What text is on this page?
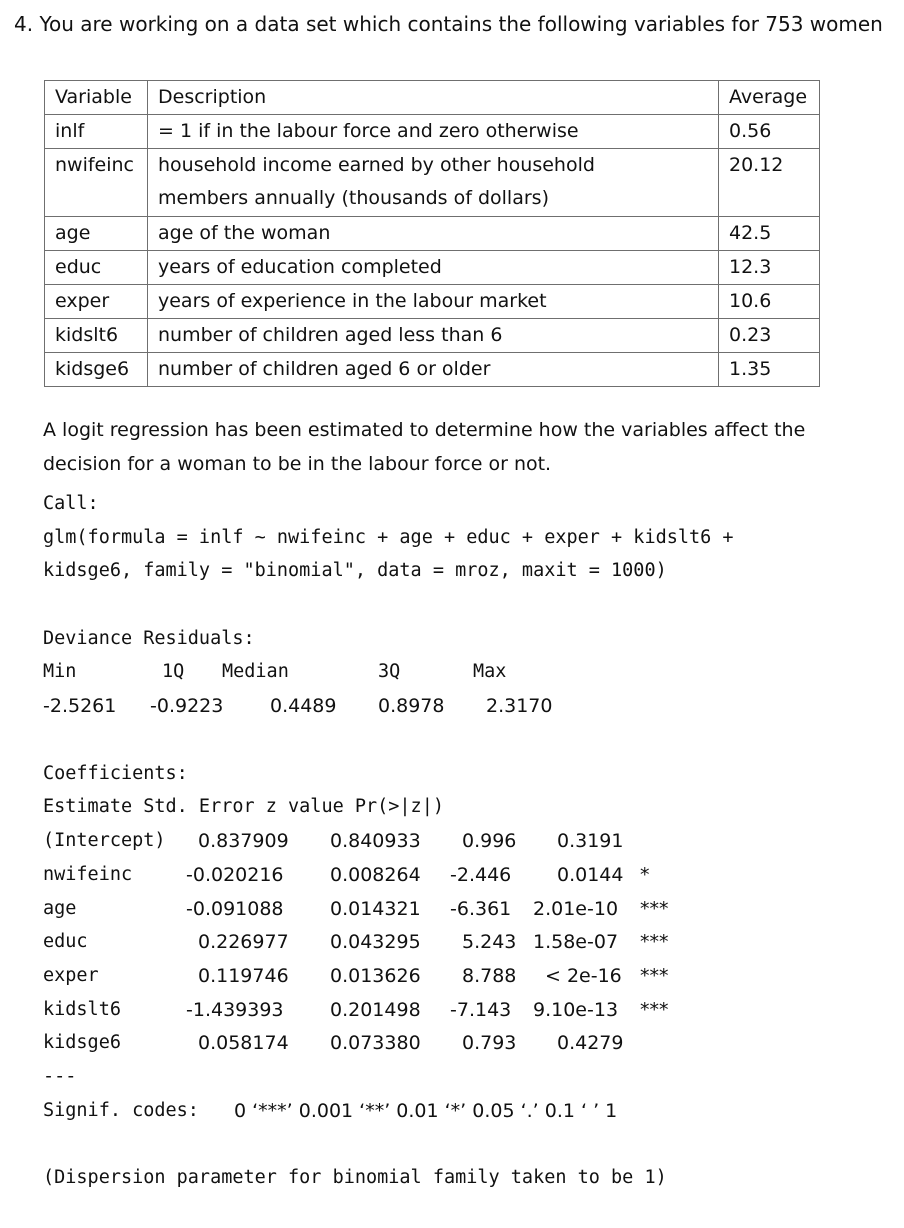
4. You are working on a data set which contains the following variables for 753 women
Variable	Description	Average
inlf	= 1 if in the labour force and zero otherwise	0.56
nwifeinc	household income earned by other household
members annually (thousands of dollars)	20.12
age	age of the woman	42.5
educ	years of education completed	12.3
exper	years of experience in the labour market	10.6
kidslt6	number of children aged less than 6	0.23
kidsge6	number of children aged 6 or older	1.35
A logit regression has been estimated to determine how the variables affect the decision for a woman to be in the labour force or not.
Call:
glm(formula = inlf ~ nwifeinc + age + educ + exper + kidslt6 +
kidsge6, family = "binomial", data = mroz, maxit = 1000)
Deviance Residuals:
Min	1Q Median	3Q	Max
-2.5261 -0.9223 0.4489 0.8978 2.3170
Coefficients:
Estimate Std. Error z value Pr(>|z|)
(Intercept) 0.837909 0.840933 0.996 0.3191
nwifeinc	-0.020216 0.008264 -2.446 0.0144 *
age	-0.091088 0.014321 -6.361 2.01e-10 ***
educ	0.226977 0.043295 5.243 1.58e-07 ***
exper	0.119746 0.013626 8.788 < 2e-16 ***
kidslt6	-1.439393 0.201498 -7.143 9.10e-13 ***
kidsge6	0.058174 0.073380 0.793 0.4279
---
Signif. codes: 0 ‘***’ 0.001 ‘**’ 0.01 ‘*’ 0.05 ‘.’ 0.1 ‘ ’ 1
(Dispersion parameter for binomial family taken to be 1)
